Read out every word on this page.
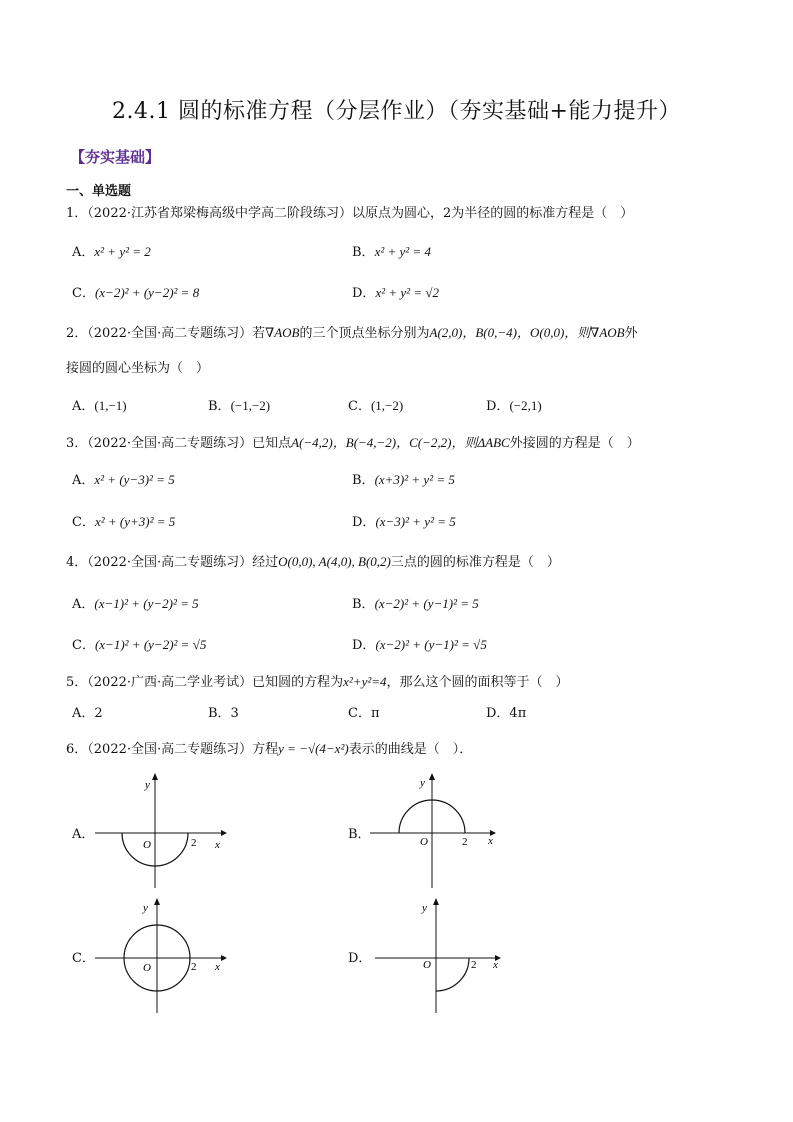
2.4.1 圆的标准方程（分层作业）（夯实基础+能力提升）
【夯实基础】
一、单选题
1．（2022·江苏省郑梁梅高级中学高二阶段练习）以原点为圆心，2为半径的圆的标准方程是（　）
A．x² + y² = 2	B．x² + y² = 4
C．(x−2)² + (y−2)² = 8	D．x² + y² = √2
2．（2022·全国·高二专题练习）若∇AOB的三个顶点坐标分别为A(2,0)，B(0,−4)，O(0,0)，则∇AOB外
接圆的圆心坐标为（　）
A．(1,−1)	B．(−1,−2)	C．(1,−2)	D．(−2,1)
3．（2022·全国·高二专题练习）已知点A(−4,2)，B(−4,−2)，C(−2,2)，则ΔABC外接圆的方程是（　）
A．x² + (y−3)² = 5	B．(x+3)² + y² = 5
C．x² + (y+3)² = 5	D．(x−3)² + y² = 5
4．（2022·全国·高二专题练习）经过O(0,0), A(4,0), B(0,2)三点的圆的标准方程是（　）
A．(x−1)² + (y−2)² = 5	B．(x−2)² + (y−1)² = 5
C．(x−1)² + (y−2)² = √5	D．(x−2)² + (y−1)² = √5
5．（2022·广西·高二学业考试）已知圆的方程为x²+y²=4，那么这个圆的面积等于（　）
A．2	B．3	C．π	D．4π
6．（2022·全国·高二专题练习）方程y = −√(4−x²)表示的曲线是（　）．
A．	B．
C．	D．
y
x
O	2
y
x
O	2
y
x
O	2
y
x
O	2
